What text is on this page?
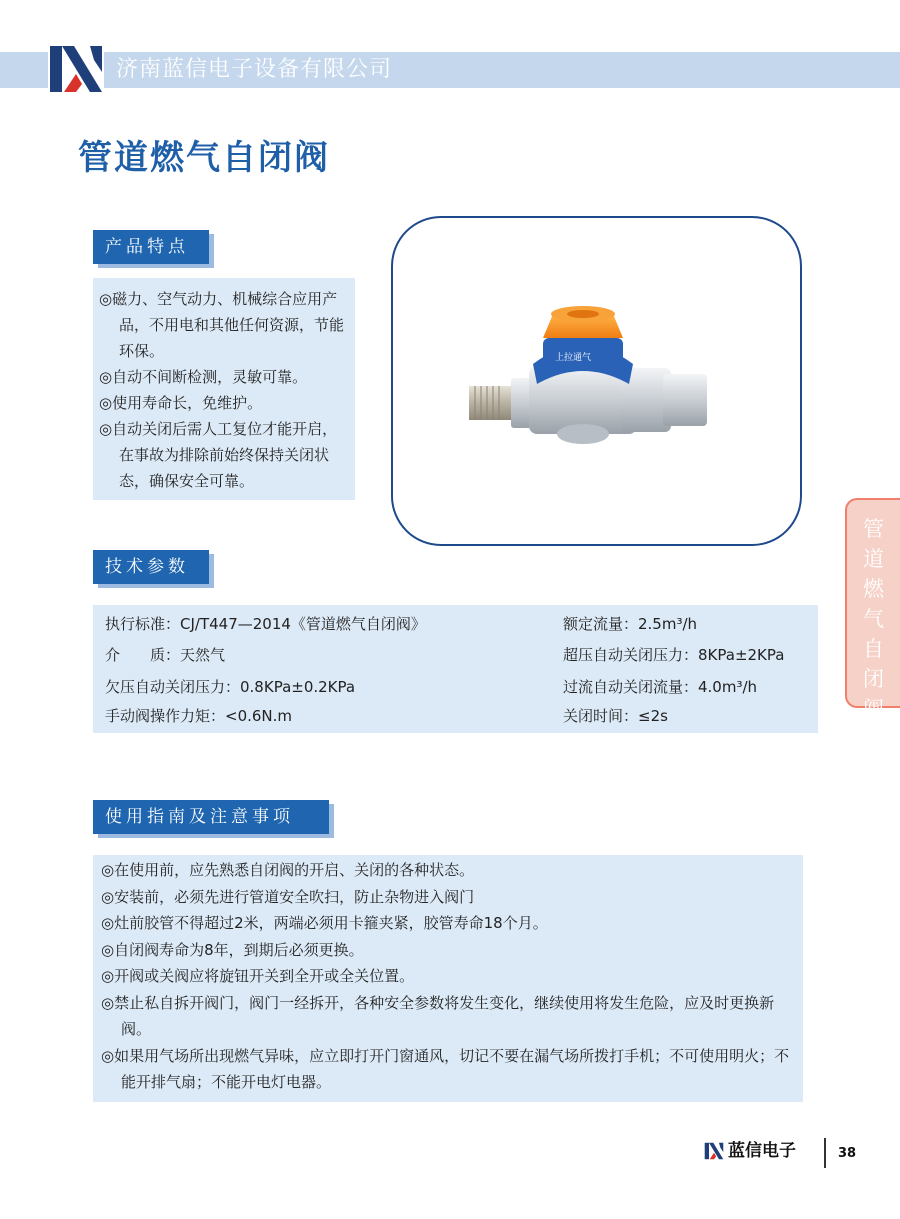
济南蓝信电子设备有限公司
管道燃气自闭阀
产品特点
◎磁力、空气动力、机械综合应用产品，不用电和其他任何资源，节能环保。
◎自动不间断检测，灵敏可靠。
◎使用寿命长，免维护。
◎自动关闭后需人工复位才能开启，在事故为排除前始终保持关闭状态，确保安全可靠。
上拉通气
管
道
燃
气
自
闭
阀
技术参数
执行标准：CJ/T447—2014《管道燃气自闭阀》
介　　质：天然气
欠压自动关闭压力：0.8KPa±0.2KPa
手动阀操作力矩：<0.6N.m
额定流量：2.5m³/h
超压自动关闭压力：8KPa±2KPa
过流自动关闭流量：4.0m³/h
关闭时间：≤2s
使用指南及注意事项
◎在使用前，应先熟悉自闭阀的开启、关闭的各种状态。
◎安装前，必须先进行管道安全吹扫，防止杂物进入阀门
◎灶前胶管不得超过2米，两端必须用卡箍夹紧，胶管寿命18个月。
◎自闭阀寿命为8年，到期后必须更换。
◎开阀或关阀应将旋钮开关到全开或全关位置。
◎禁止私自拆开阀门，阀门一经拆开，各种安全参数将发生变化，继续使用将发生危险，应及时更换新阀。
◎如果用气场所出现燃气异味，应立即打开门窗通风，切记不要在漏气场所拨打手机；不可使用明火；不能开排气扇；不能开电灯电器。
蓝信电子	38
